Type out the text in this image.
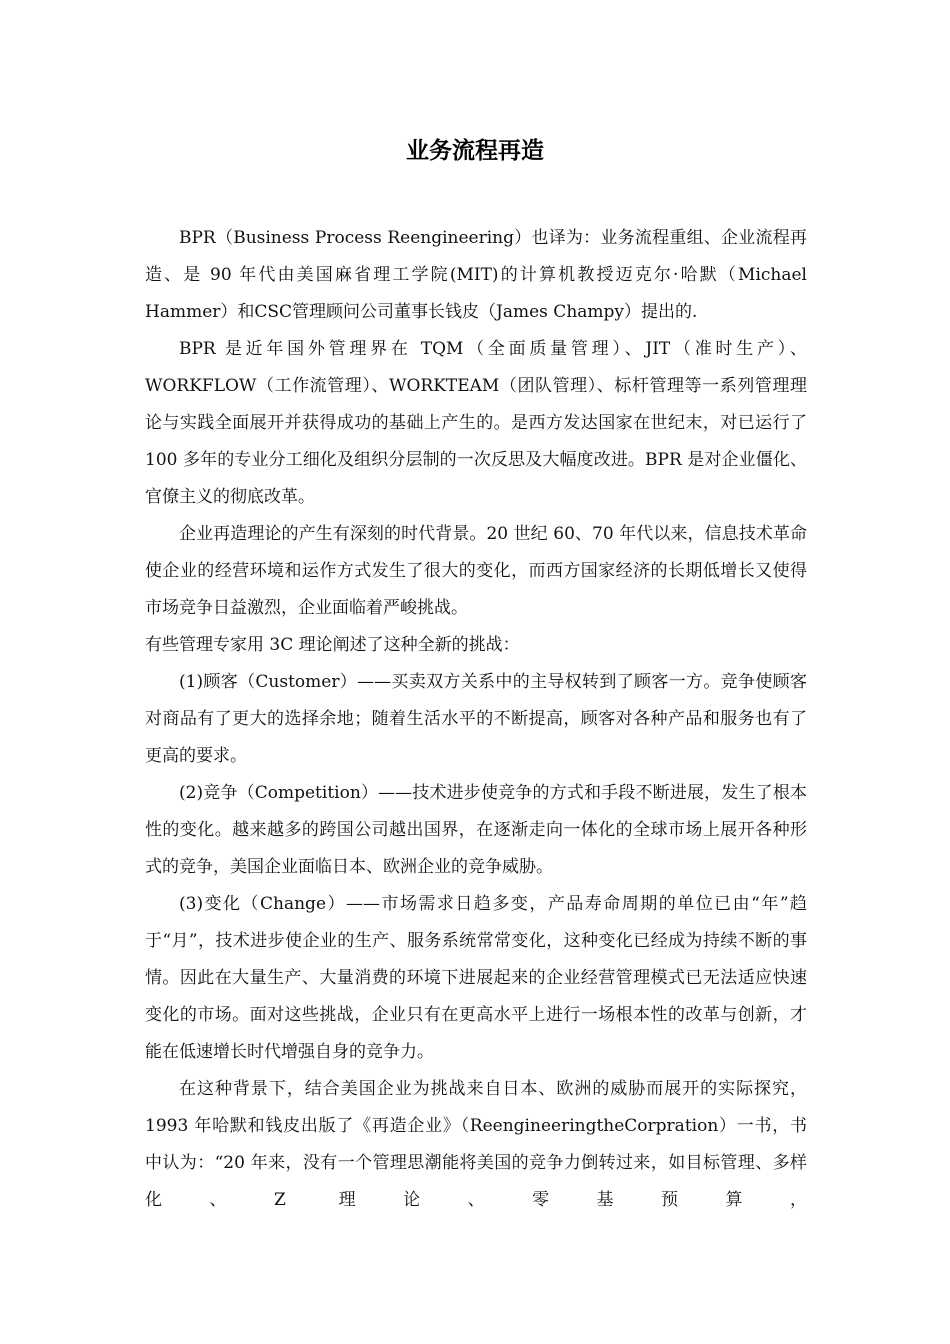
业务流程再造

BPR（Business Process Reengineering）也译为：业务流程重组、企业流程再造、是 90 年代由美国麻省理工学院(MIT)的计算机教授迈克尔·哈默（Michael Hammer）和CSC管理顾问公司董事长钱皮（James Champy）提出的.

BPR 是近年国外管理界在 TQM（全面质量管理）、JIT（准时生产）、WORKFLOW（工作流管理）、WORKTEAM（团队管理）、标杆管理等一系列管理理论与实践全面展开并获得成功的基础上产生的。是西方发达国家在世纪末，对已运行了 100 多年的专业分工细化及组织分层制的一次反思及大幅度改进。BPR 是对企业僵化、官僚主义的彻底改革。

企业再造理论的产生有深刻的时代背景。20 世纪 60、70 年代以来，信息技术革命使企业的经营环境和运作方式发生了很大的变化，而西方国家经济的长期低增长又使得市场竞争日益激烈，企业面临着严峻挑战。

有些管理专家用 3C 理论阐述了这种全新的挑战：

(1)顾客（Customer）——买卖双方关系中的主导权转到了顾客一方。竞争使顾客对商品有了更大的选择余地；随着生活水平的不断提高，顾客对各种产品和服务也有了更高的要求。

(2)竞争（Competition）——技术进步使竞争的方式和手段不断进展，发生了根本性的变化。越来越多的跨国公司越出国界，在逐渐走向一体化的全球市场上展开各种形式的竞争，美国企业面临日本、欧洲企业的竞争威胁。

(3)变化（Change）——市场需求日趋多变，产品寿命周期的单位已由“年”趋于“月”，技术进步使企业的生产、服务系统常常变化，这种变化已经成为持续不断的事情。因此在大量生产、大量消费的环境下进展起来的企业经营管理模式已无法适应快速变化的市场。面对这些挑战，企业只有在更高水平上进行一场根本性的改革与创新，才能在低速增长时代增强自身的竞争力。

在这种背景下，结合美国企业为挑战来自日本、欧洲的威胁而展开的实际探究，1993 年哈默和钱皮出版了《再造企业》（ReengineeringtheCorpration）一书，书中认为：“20 年来，没有一个管理思潮能将美国的竞争力倒转过来，如目标管理、多样化、Z 理论、零基预算，
